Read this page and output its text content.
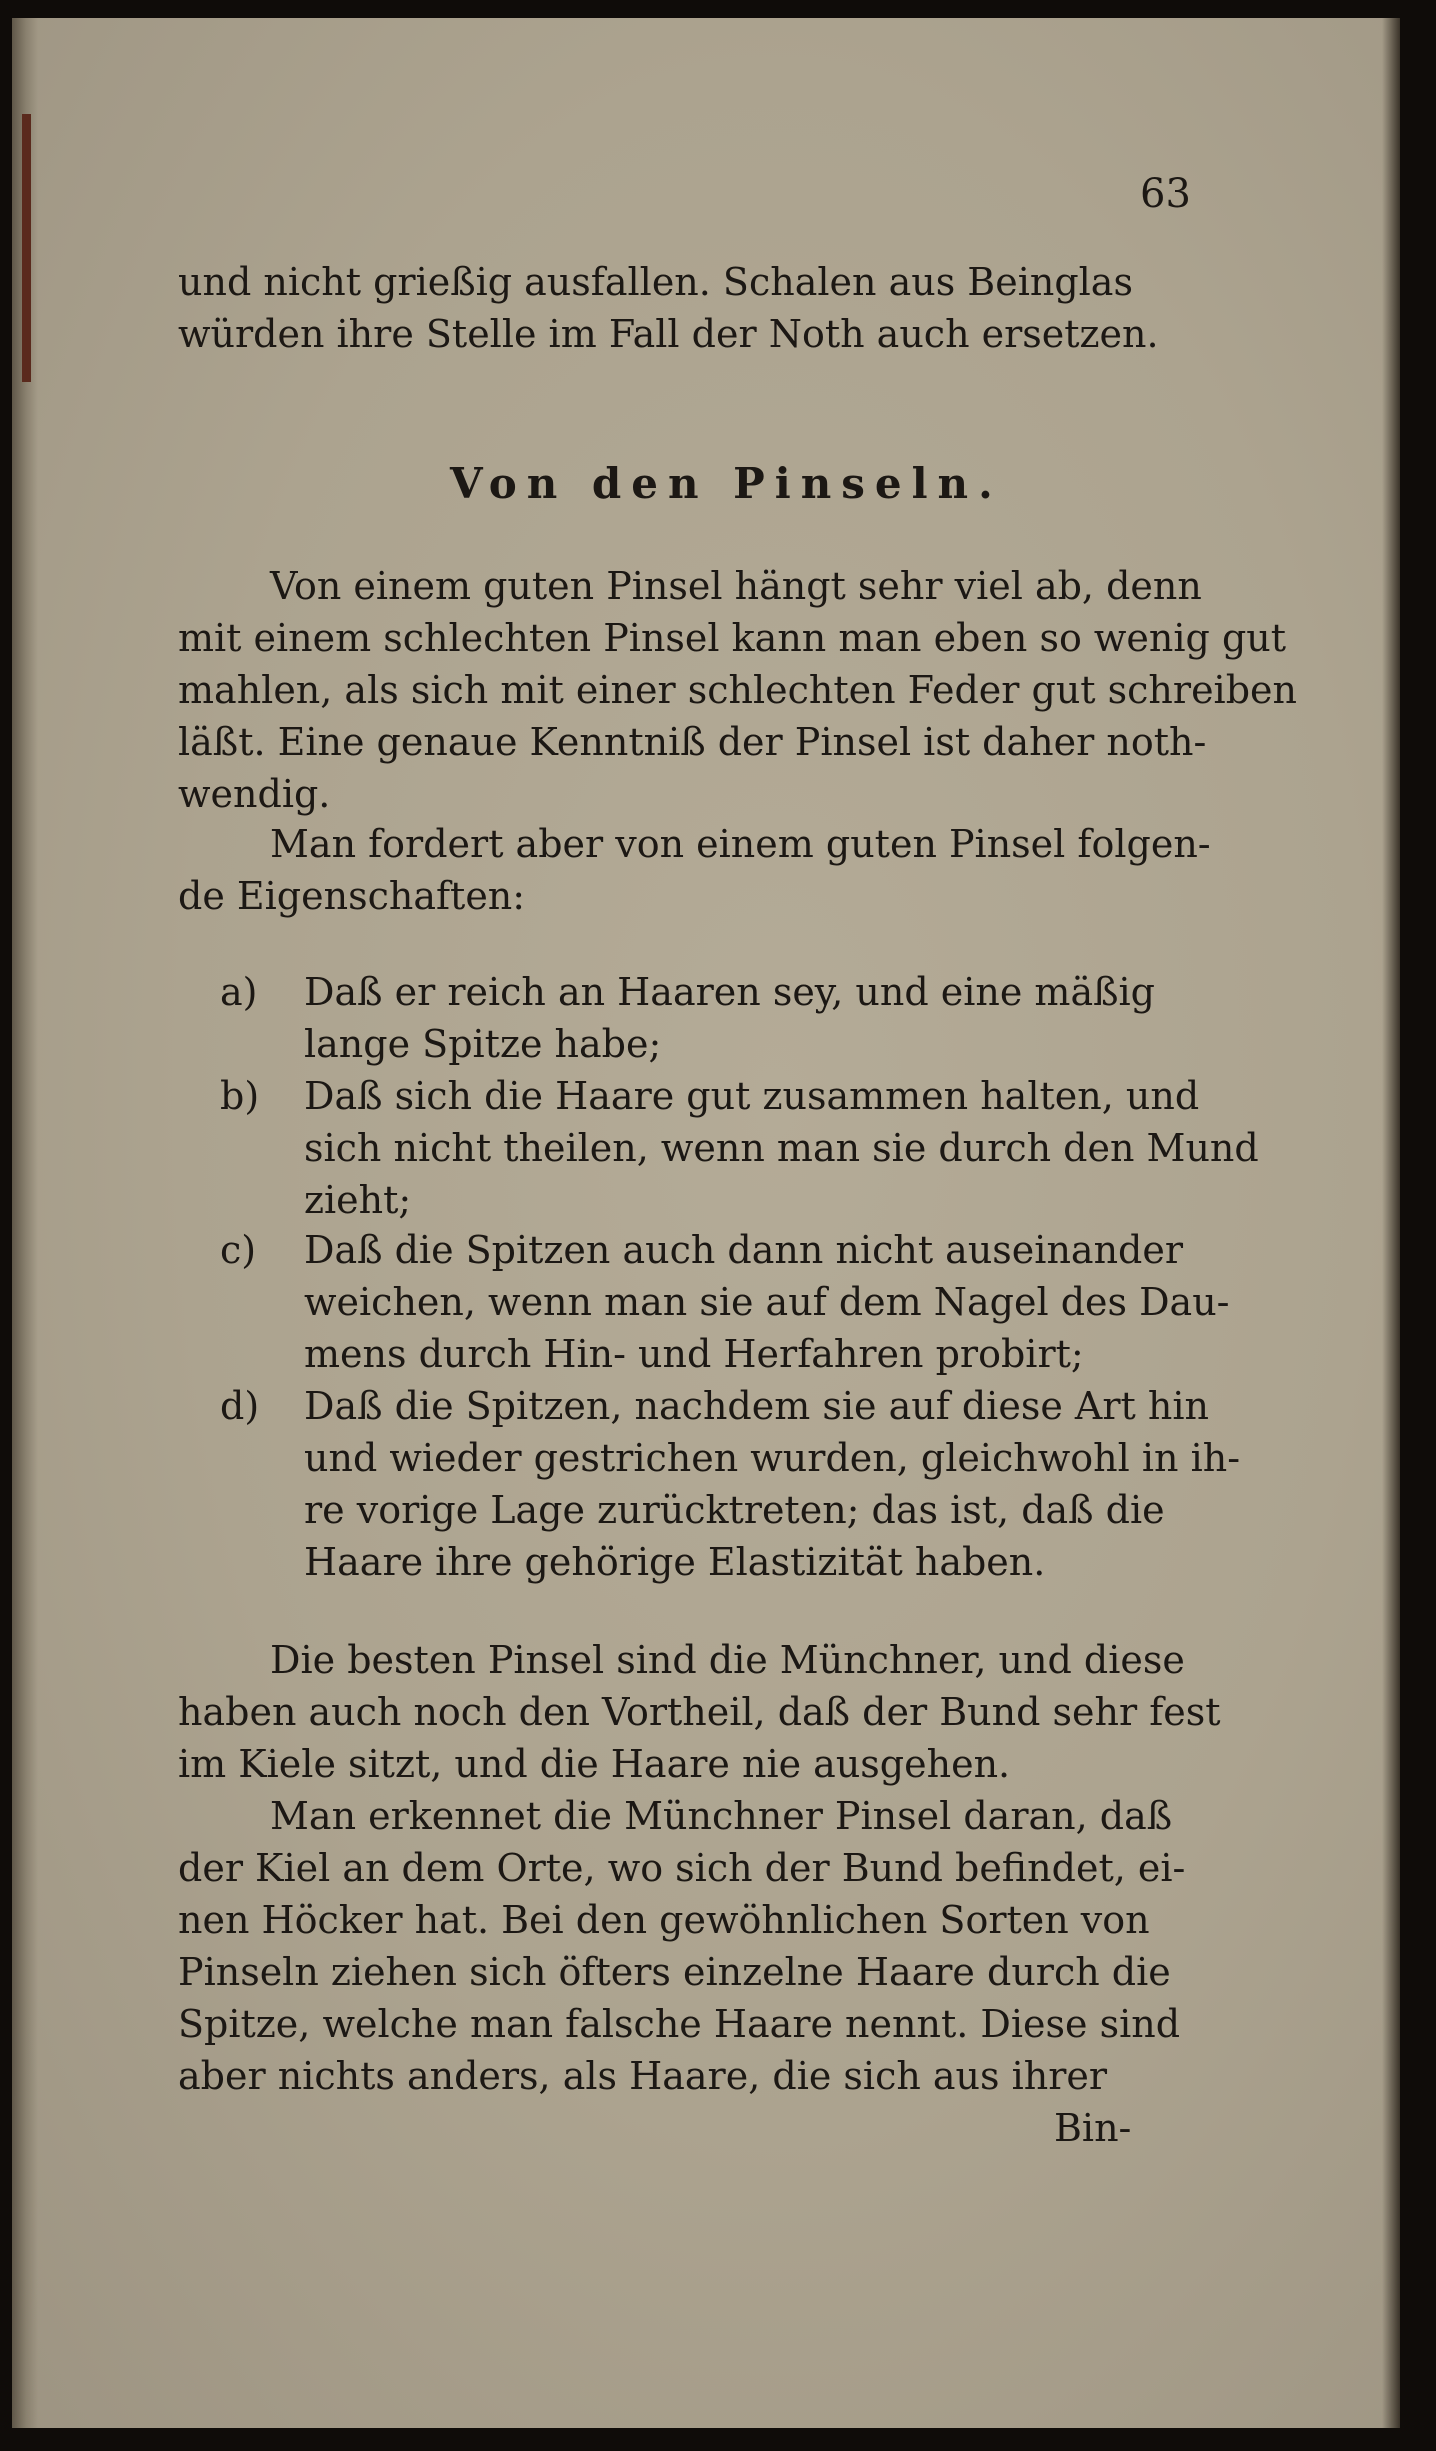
63

und nicht grießig ausfallen. Schalen aus Beinglas

würden ihre Stelle im Fall der Noth auch ersetzen.

Von den Pinseln.

Von einem guten Pinsel hängt sehr viel ab, denn

mit einem schlechten Pinsel kann man eben so wenig gut

mahlen, als sich mit einer schlechten Feder gut schreiben

läßt. Eine genaue Kenntniß der Pinsel ist daher noth-

wendig.

Man fordert aber von einem guten Pinsel folgen-

de Eigenschaften:

a) Daß er reich an Haaren sey, und eine mäßig

lange Spitze habe;

b) Daß sich die Haare gut zusammen halten, und

sich nicht theilen, wenn man sie durch den Mund

zieht;

c) Daß die Spitzen auch dann nicht auseinander

weichen, wenn man sie auf dem Nagel des Dau-

mens durch Hin- und Herfahren probirt;

d) Daß die Spitzen, nachdem sie auf diese Art hin

und wieder gestrichen wurden, gleichwohl in ih-

re vorige Lage zurücktreten; das ist, daß die

Haare ihre gehörige Elastizität haben.

Die besten Pinsel sind die Münchner, und diese

haben auch noch den Vortheil, daß der Bund sehr fest

im Kiele sitzt, und die Haare nie ausgehen.

Man erkennet die Münchner Pinsel daran, daß

der Kiel an dem Orte, wo sich der Bund befindet, ei-

nen Höcker hat. Bei den gewöhnlichen Sorten von

Pinseln ziehen sich öfters einzelne Haare durch die

Spitze, welche man falsche Haare nennt. Diese sind

aber nichts anders, als Haare, die sich aus ihrer

Bin-
